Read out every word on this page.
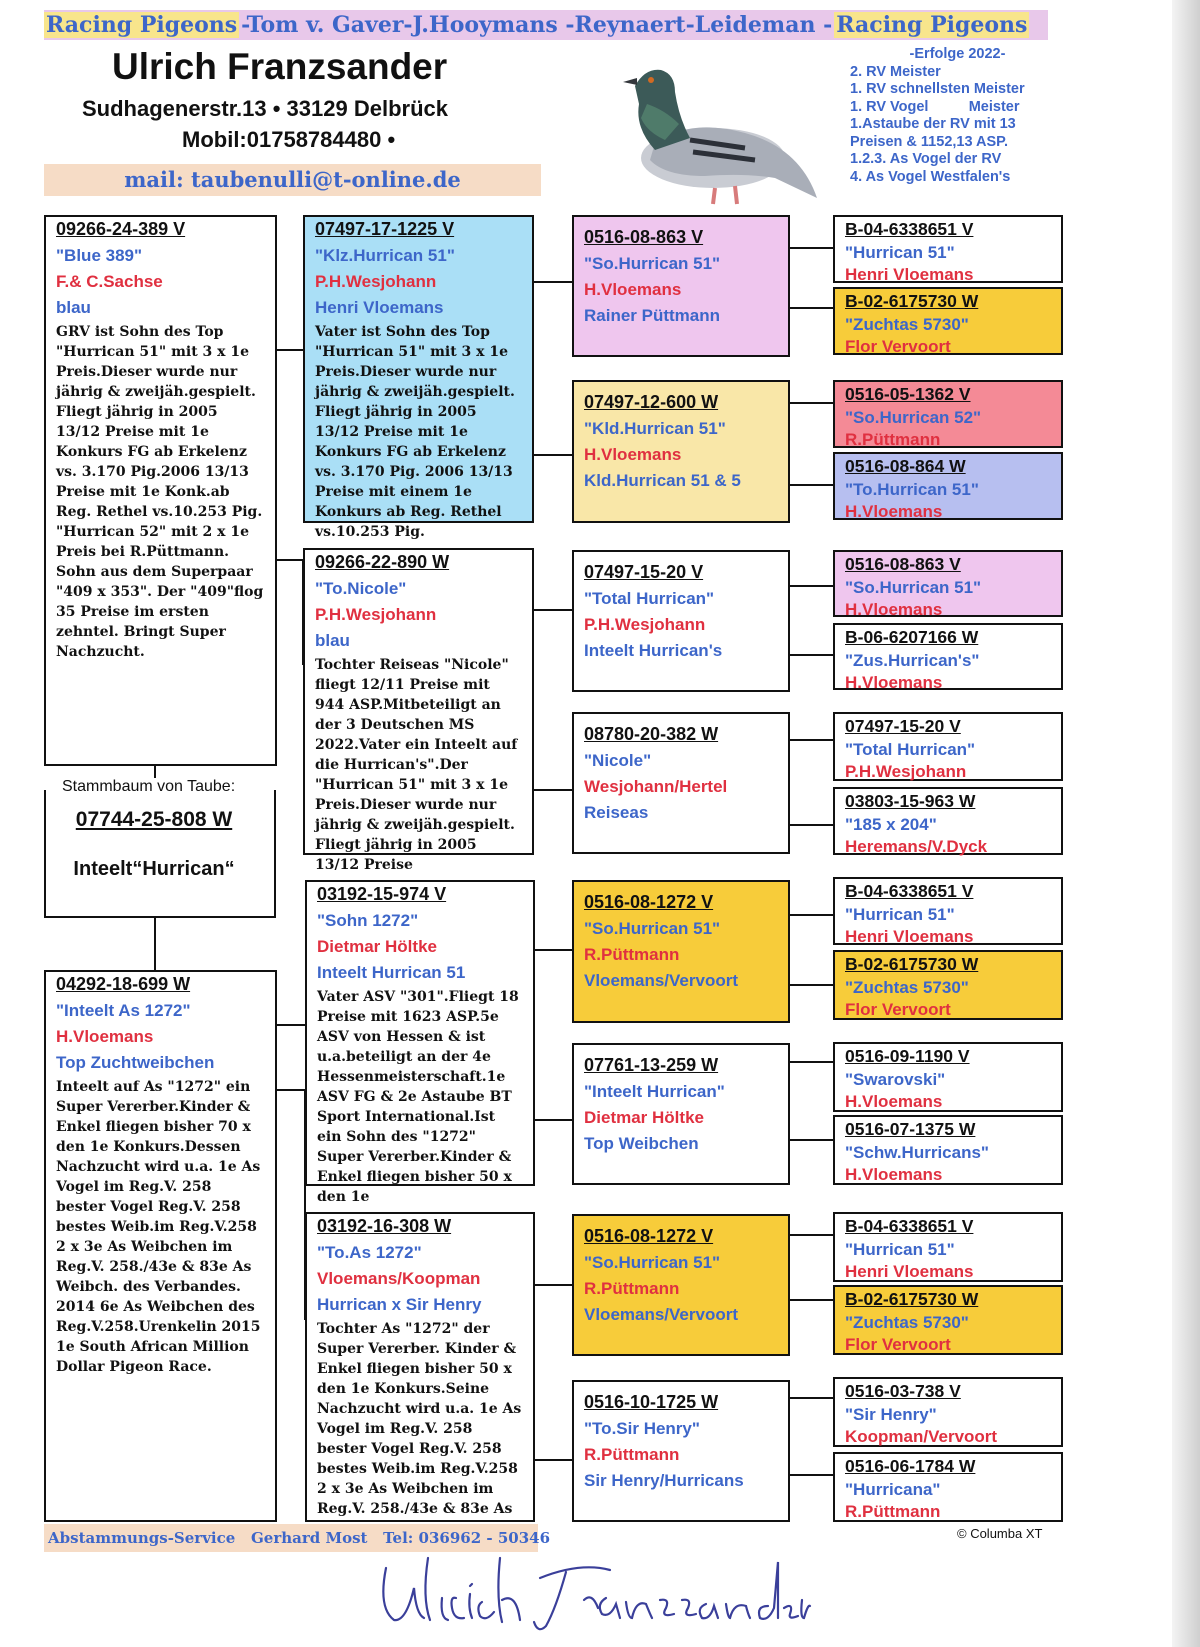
Racing Pigeons -Tom v. Gaver-J.Hooymans -Reynaert-Leideman - Racing Pigeons
Ulrich Franzsander
Sudhagenerstr.13 • 33129 Delbrück
Mobil:01758784480 •
mail: taubenulli@t-online.de
-Erfolge 2022-
2. RV Meister
1. RV schnellsten Meister
1. RV Vogel          Meister
1.Astaube der RV mit 13
Preisen & 1152,13 ASP.
1.2.3. As Vogel der RV
4. As Vogel Westfalen's
09266-24-389 V
"Blue 389"
F.& C.Sachse
blau
GRV ist Sohn des Top "Hurrican 51" mit 3 x 1e Preis.Dieser wurde nur jährig & zweijäh.gespielt. Fliegt jährig in 2005 13/12 Preise mit 1e Konkurs FG ab Erkelenz vs. 3.170 Pig.2006 13/13 Preise mit 1e Konk.ab Reg. Rethel vs.10.253 Pig. "Hurrican 52" mit 2 x 1e Preis bei R.Püttmann. Sohn aus dem Superpaar "409 x 353". Der "409"flog 35 Preise im ersten zehntel. Bringt Super Nachzucht.
Stammbaum von Taube:
07744-25-808 W
Inteelt“Hurrican“
04292-18-699 W
"Inteelt As 1272"
H.Vloemans
Top Zuchtweibchen
Inteelt auf As "1272" ein Super Vererber.Kinder & Enkel fliegen bisher 70 x den 1e Konkurs.Dessen Nachzucht wird u.a. 1e As Vogel im Reg.V. 258 bester Vogel Reg.V. 258 bestes Weib.im Reg.V.258 2 x 3e As Weibchen im Reg.V. 258./43e & 83e As Weibch. des Verbandes. 2014 6e As Weibchen des Reg.V.258.Urenkelin 2015 1e South African Million Dollar Pigeon Race.
07497-17-1225 V
"Klz.Hurrican 51"
P.H.Wesjohann
Henri Vloemans
Vater ist Sohn des Top "Hurrican 51" mit 3 x 1e Preis.Dieser wurde nur jährig & zweijäh.gespielt. Fliegt jährig in 2005 13/12 Preise mit 1e Konkurs FG ab Erkelenz vs. 3.170 Pig. 2006 13/13 Preise mit einem 1e Konkurs ab Reg. Rethel vs.10.253 Pig.
09266-22-890 W
"To.Nicole"
P.H.Wesjohann
blau
Tochter Reiseas "Nicole" fliegt 12/11 Preise mit 944 ASP.Mitbeteiligt an der 3 Deutschen MS 2022.Vater ein Inteelt auf die Hurrican's".Der "Hurrican 51" mit 3 x 1e Preis.Dieser wurde nur jährig & zweijäh.gespielt. Fliegt jährig in 2005 13/12 Preise
03192-15-974 V
"Sohn 1272"
Dietmar Höltke
Inteelt Hurrican 51
Vater ASV "301".Fliegt 18 Preise mit 1623 ASP.5e ASV von Hessen & ist u.a.beteiligt an der 4e Hessenmeisterschaft.1e ASV FG & 2e Astaube BT Sport International.Ist ein Sohn des "1272" Super Vererber.Kinder & Enkel fliegen bisher 50 x den 1e
03192-16-308 W
"To.As 1272"
Vloemans/Koopman
Hurrican x Sir Henry
Tochter As "1272" der Super Vererber. Kinder & Enkel fliegen bisher 50 x den 1e Konkurs.Seine Nachzucht wird u.a. 1e As Vogel im Reg.V. 258 bester Vogel Reg.V. 258 bestes Weib.im Reg.V.258 2 x 3e As Weibchen im Reg.V. 258./43e & 83e As
0516-08-863 V
"So.Hurrican 51"
H.Vloemans
Rainer Püttmann
07497-12-600 W
"Kld.Hurrican 51"
H.Vloemans
Kld.Hurrican 51 & 5
07497-15-20 V
"Total Hurrican"
P.H.Wesjohann
Inteelt Hurrican's
08780-20-382 W
"Nicole"
Wesjohann/Hertel
Reiseas
0516-08-1272 V
"So.Hurrican 51"
R.Püttmann
Vloemans/Vervoort
07761-13-259 W
"Inteelt Hurrican"
Dietmar Höltke
Top Weibchen
0516-08-1272 V
"So.Hurrican 51"
R.Püttmann
Vloemans/Vervoort
0516-10-1725 W
"To.Sir Henry"
R.Püttmann
Sir Henry/Hurricans
B-04-6338651 V
"Hurrican 51"
Henri Vloemans
B-02-6175730 W
"Zuchtas 5730"
Flor Vervoort
0516-05-1362 V
"So.Hurrican 52"
R.Püttmann
0516-08-864 W
"To.Hurrican 51"
H.Vloemans
0516-08-863 V
"So.Hurrican 51"
H.Vloemans
B-06-6207166 W
"Zus.Hurrican's"
H.Vloemans
07497-15-20 V
"Total Hurrican"
P.H.Wesjohann
03803-15-963 W
"185 x 204"
Heremans/V.Dyck
B-04-6338651 V
"Hurrican 51"
Henri Vloemans
B-02-6175730 W
"Zuchtas 5730"
Flor Vervoort
0516-09-1190 V
"Swarovski"
H.Vloemans
0516-07-1375 W
"Schw.Hurricans"
H.Vloemans
B-04-6338651 V
"Hurrican 51"
Henri Vloemans
B-02-6175730 W
"Zuchtas 5730"
Flor Vervoort
0516-03-738 V
"Sir Henry"
Koopman/Vervoort
0516-06-1784 W
"Hurricana"
R.Püttmann
Abstammungs-Service   Gerhard Most   Tel: 036962 - 50346	© Columba XT
